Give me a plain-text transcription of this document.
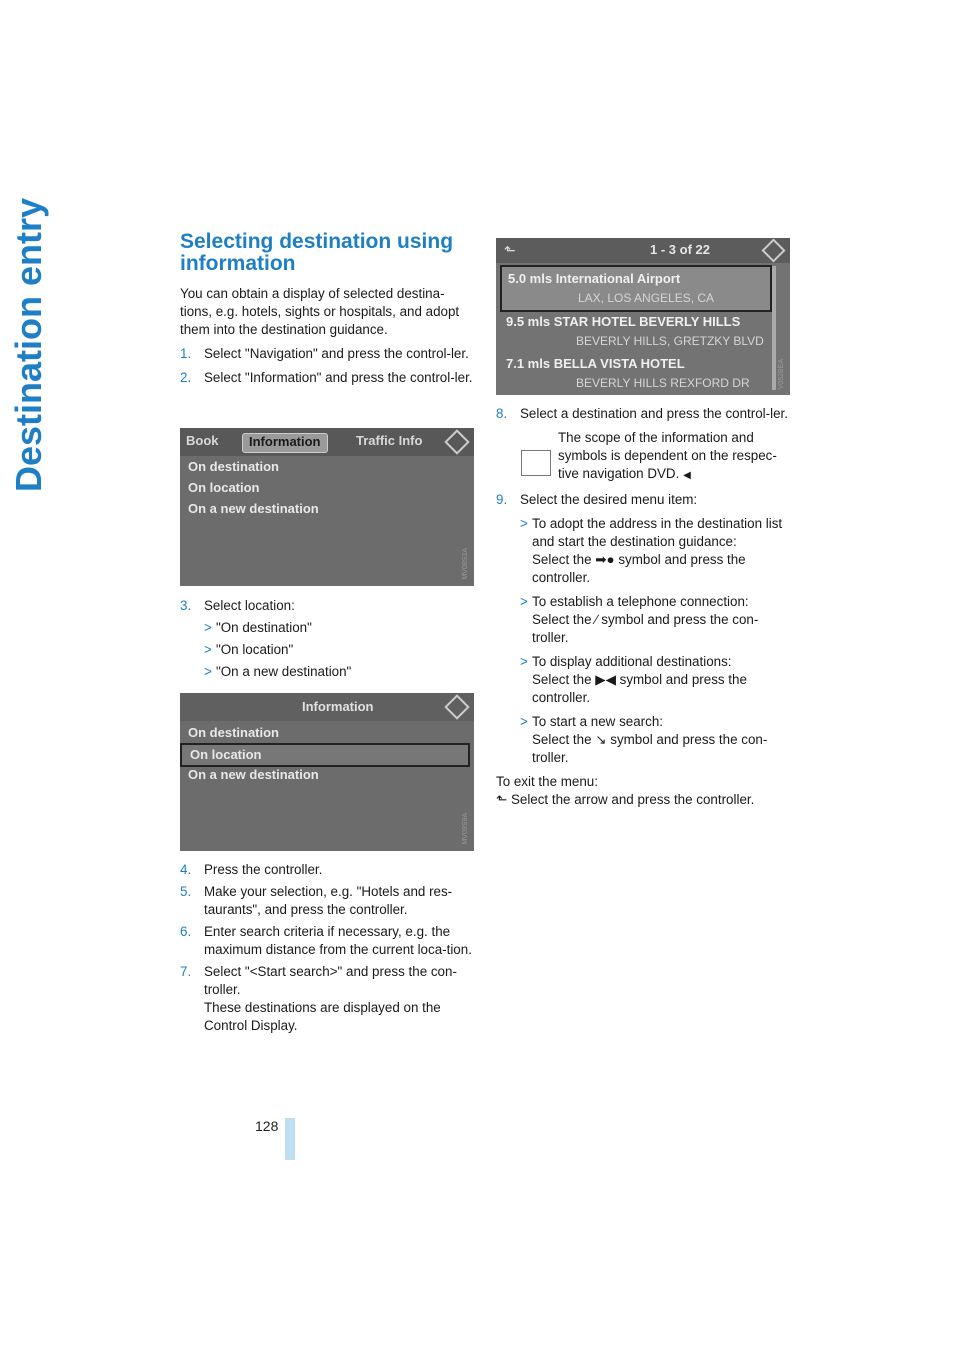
Destination entry	Selecting destination using information

You can obtain a display of selected destina-tions, e.g. hotels, sights or hospitals, and adopt them into the destination guidance.

1. Select "Navigation" and press the control-ler.

2. Select "Information" and press the control-ler.

Book	Information	Traffic Info
On destination
On location
On a new destination
MV08S3A

3. Select location:

> "On destination"

> "On location"

> "On a new destination"

Information
On destination
On location
On a new destination
MV09S9A

4. Press the controller.

5. Make your selection, e.g. "Hotels and res-taurants", and press the controller.

6. Enter search criteria if necessary, e.g. the maximum distance from the current loca-tion.

7. Select "<Start search>" and press the con-troller.
These destinations are displayed on the Control Display.

⬑	1 - 3 of 22
5.0 mls International Airport
LAX, LOS ANGELES, CA
9.5 mls STAR HOTEL BEVERLY HILLS
BEVERLY HILLS, GRETZKY BLVD
7.1 mls BELLA VISTA HOTEL
BEVERLY HILLS REXFORD DR	V052BEA

8. Select a destination and press the control-ler.

The scope of the information and symbols is dependent on the respec-tive navigation DVD. ◀

9. Select the desired menu item:

> To adopt the address in the destination list and start the destination guidance:
Select the ➡● symbol and press the controller.

> To establish a telephone connection:
Select the ∕ symbol and press the con-troller.

> To display additional destinations:
Select the ▶◀ symbol and press the controller.

> To start a new search:
Select the ↘ symbol and press the con-troller.

To exit the menu:

⬑ Select the arrow and press the controller.

128
